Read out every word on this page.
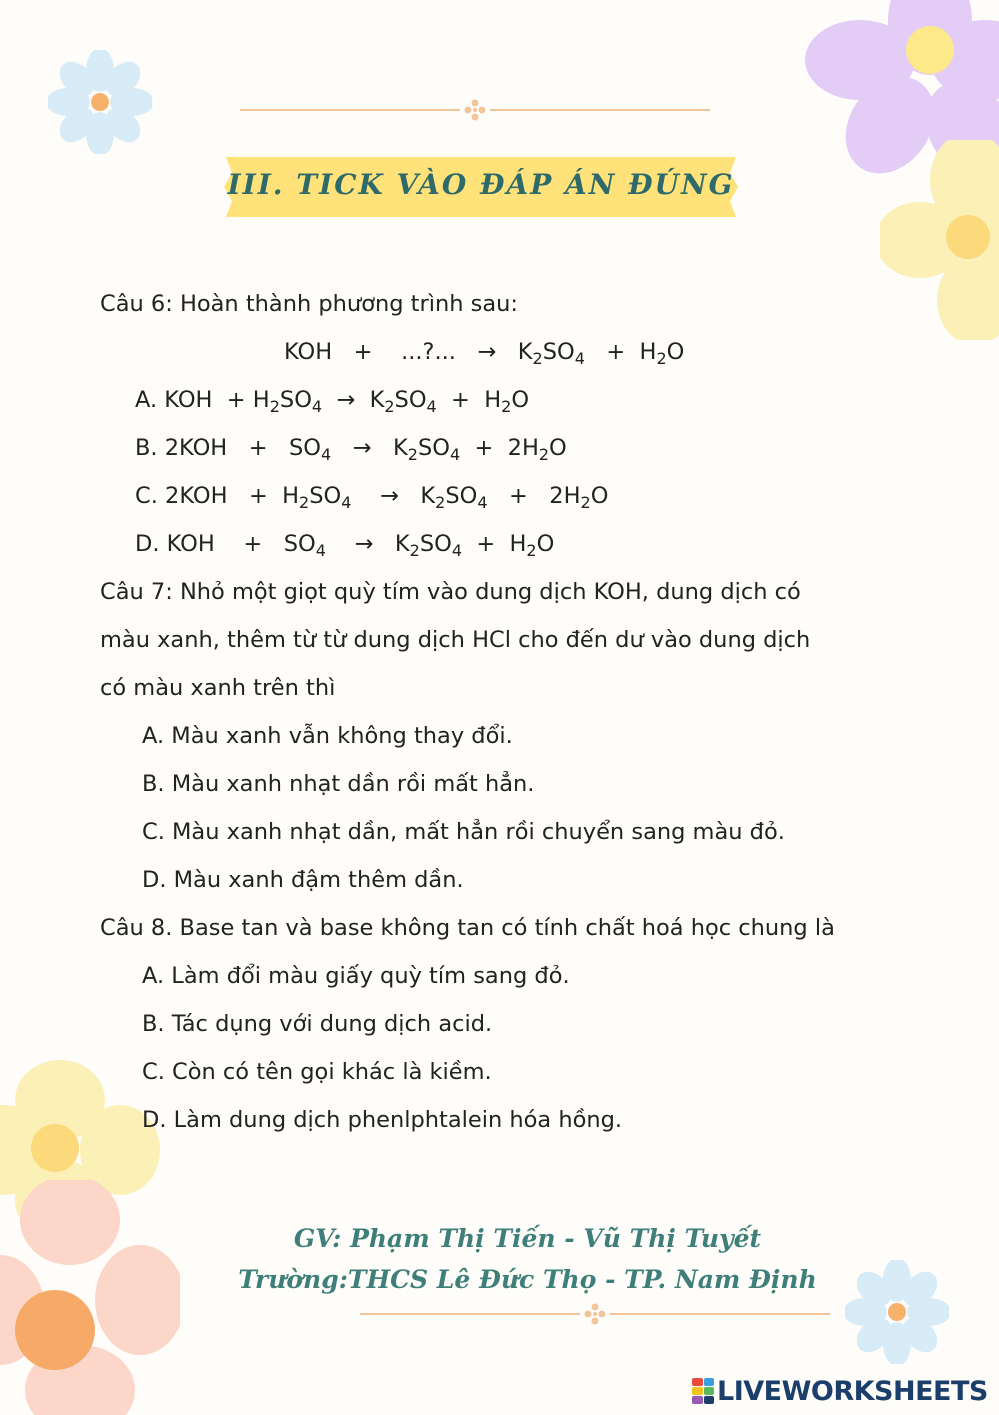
III. TICK VÀO ĐÁP ÁN ĐÚNG
Câu 6: Hoàn thành phương trình sau:
KOH + ...?... → $K_2SO_4 + H_2O$
A. KOH + $H_2SO_4 \to K_2SO_4 + H_2O$
B. $2KOH + SO_4 \to K_2SO_4 + 2H_2O$
C. $2KOH + H_2SO_4 \to K_2SO_4 + 2H_2O$
D. KOH + $SO_4 \to K_2SO_4 + H_2O$
Câu 7: Nhỏ một giọt quỳ tím vào dung dịch KOH, dung dịch có
màu xanh, thêm từ từ dung dịch HCl cho đến dư vào dung dịch
có màu xanh trên thì
A. Màu xanh vẫn không thay đổi.
B. Màu xanh nhạt dần rồi mất hẳn.
C. Màu xanh nhạt dần, mất hẳn rồi chuyển sang màu đỏ.
D. Màu xanh đậm thêm dần.
Câu 8. Base tan và base không tan có tính chất hoá học chung là
A. Làm đổi màu giấy quỳ tím sang đỏ.
B. Tác dụng với dung dịch acid.
C. Còn có tên gọi khác là kiềm.
D. Làm dung dịch phenlphtalein hóa hồng.
GV: Phạm Thị Tiến - Vũ Thị Tuyết
Trường:THCS Lê Đức Thọ - TP. Nam Định
LIVEWORKSHEETS
